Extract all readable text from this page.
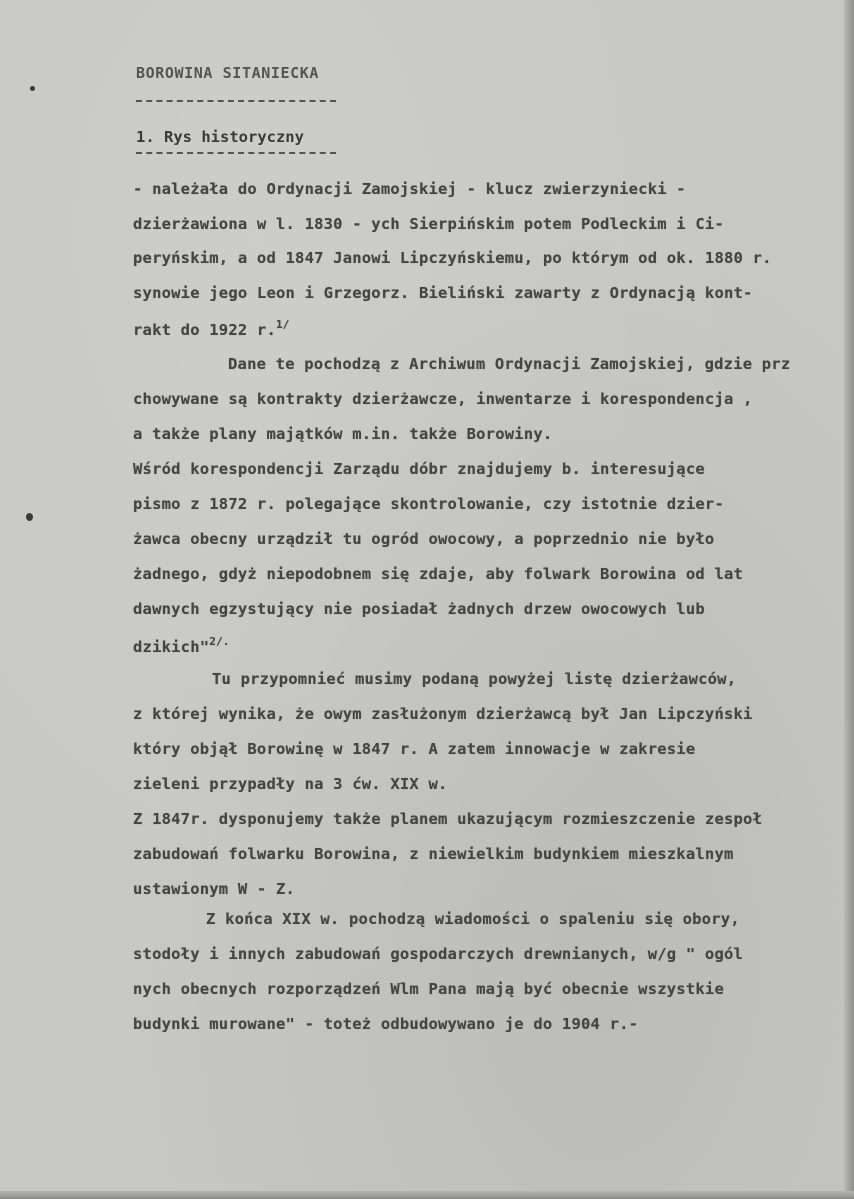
BOROWINA SITANIECKA
1. Rys historyczny
- należała do Ordynacji Zamojskiej - klucz zwierzyniecki -
dzierżawiona w l. 1830 - ych Sierpińskim potem Podleckim i Ci-
peryńskim, a od 1847 Janowi Lipczyńskiemu, po którym od ok. 1880 r.
synowie jego Leon i Grzegorz. Bieliński zawarty z Ordynacją kont-
rakt do 1922 r.$^{1/}$
Dane te pochodzą z Archiwum Ordynacji Zamojskiej, gdzie prz
chowywane są kontrakty dzierżawcze, inwentarze i korespondencja ,
a także plany majątków m.in. także Borowiny.
Wśród korespondencji Zarządu dóbr znajdujemy b. interesujące
pismo z 1872 r. polegające skontrolowanie, czy istotnie dzier-
żawca obecny urządził tu ogród owocowy, a poprzednio nie było
żadnego, gdyż niepodobnem się zdaje, aby folwark Borowina od lat
dawnych egzystujący nie posiadał żadnych drzew owocowych lub
dzikich"$^{2/.}$
Tu przypomnieć musimy podaną powyżej listę dzierżawców,
z której wynika, że owym zasłużonym dzierżawcą był Jan Lipczyński
który objął Borowinę w 1847 r. A zatem innowacje w zakresie
zieleni przypadły na 3 ćw. XIX w.
Z 1847r. dysponujemy także planem ukazującym rozmieszczenie zespoł
zabudowań folwarku Borowina, z niewielkim budynkiem mieszkalnym
ustawionym W - Z.
Z końca XIX w. pochodzą wiadomości o spaleniu się obory,
stodoły i innych zabudowań gospodarczych drewnianych, w/g " ogól
nych obecnych rozporządzeń Wlm Pana mają być obecnie wszystkie
budynki murowane" - toteż odbudowywano je do 1904 r.-
